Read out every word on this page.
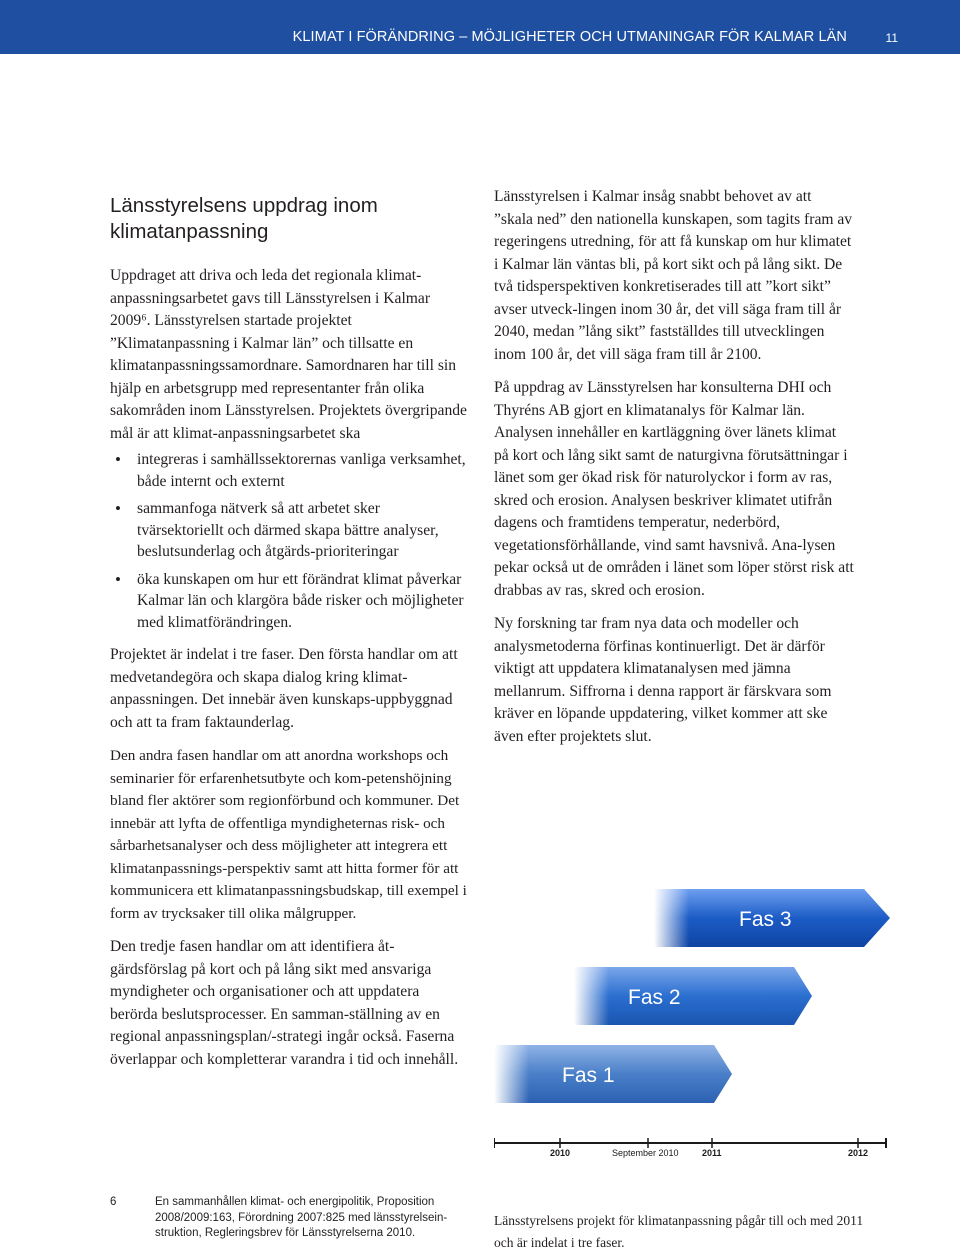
KLIMAT I FÖRÄNDRING – MÖJLIGHETER OCH UTMANINGAR FÖR KALMAR LÄN	11
Länsstyrelsens uppdrag inom klimatanpassning

Uppdraget att driva och leda det regionala klimat-anpassningsarbetet gavs till Länsstyrelsen i Kalmar 2009⁶. Länsstyrelsen startade projektet ”Klimatanpassning i Kalmar län” och tillsatte en klimatanpassningssamordnare. Samordnaren har till sin hjälp en arbetsgrupp med representanter från olika sakområden inom Länsstyrelsen. Projektets övergripande mål är att klimat-anpassningsarbetet ska

• integreras i samhällssektorernas vanliga verksamhet, både internt och externt
• sammanfoga nätverk så att arbetet sker tvärsektoriellt och därmed skapa bättre analyser, beslutsunderlag och åtgärds-prioriteringar
• öka kunskapen om hur ett förändrat klimat påverkar Kalmar län och klargöra både risker och möjligheter med klimatförändringen.

Projektet är indelat i tre faser. Den första handlar om att medvetandegöra och skapa dialog kring klimat-anpassningen. Det innebär även kunskaps-uppbyggnad och att ta fram faktaunderlag.

Den andra fasen handlar om att anordna workshops och seminarier för erfarenhetsutbyte och kom-petenshöjning bland fler aktörer som regionförbund och kommuner. Det innebär att lyfta de offentliga myndigheternas risk- och sårbarhetsanalyser och dess möjligheter att integrera ett klimatanpassnings-perspektiv samt att hitta former för att kommunicera ett klimatanpassningsbudskap, till exempel i form av trycksaker till olika målgrupper.

Den tredje fasen handlar om att identifiera åt-gärdsförslag på kort och på lång sikt med ansvariga myndigheter och organisationer och att uppdatera berörda beslutsprocesser. En samman-ställning av en regional anpassningsplan/-strategi ingår också. Faserna överlappar och kompletterar varandra i tid och innehåll.

Länsstyrelsen i Kalmar insåg snabbt behovet av att ”skala ned” den nationella kunskapen, som tagits fram av regeringens utredning, för att få kunskap om hur klimatet i Kalmar län väntas bli, på kort sikt och på lång sikt. De två tidsperspektiven konkretiserades till att ”kort sikt” avser utveck-lingen inom 30 år, det vill säga fram till år 2040, medan ”lång sikt” fastställdes till utvecklingen inom 100 år, det vill säga fram till år 2100.

På uppdrag av Länsstyrelsen har konsulterna DHI och Thyréns AB gjort en klimatanalys för Kalmar län. Analysen innehåller en kartläggning över länets klimat på kort och lång sikt samt de naturgivna förutsättningar i länet som ger ökad risk för naturolyckor i form av ras, skred och erosion. Analysen beskriver klimatet utifrån dagens och framtidens temperatur, nederbörd, vegetationsförhållande, vind samt havsnivå. Ana-lysen pekar också ut de områden i länet som löper störst risk att drabbas av ras, skred och erosion.

Ny forskning tar fram nya data och modeller och analysmetoderna förfinas kontinuerligt. Det är därför viktigt att uppdatera klimatanalysen med jämna mellanrum. Siffrorna i denna rapport är färskvara som kräver en löpande uppdatering, vilket kommer att ske även efter projektets slut.

Fas 1
Fas 2
Fas 3
2010	September 2010	2011	2012
6	En sammanhållen klimat- och energipolitik, Proposition 2008/2009:163, Förordning 2007:825 med länsstyrelsein-struktion, Regleringsbrev för Länsstyrelserna 2010.
Länsstyrelsens projekt för klimatanpassning pågår till och med 2011 och är indelat i tre faser.
